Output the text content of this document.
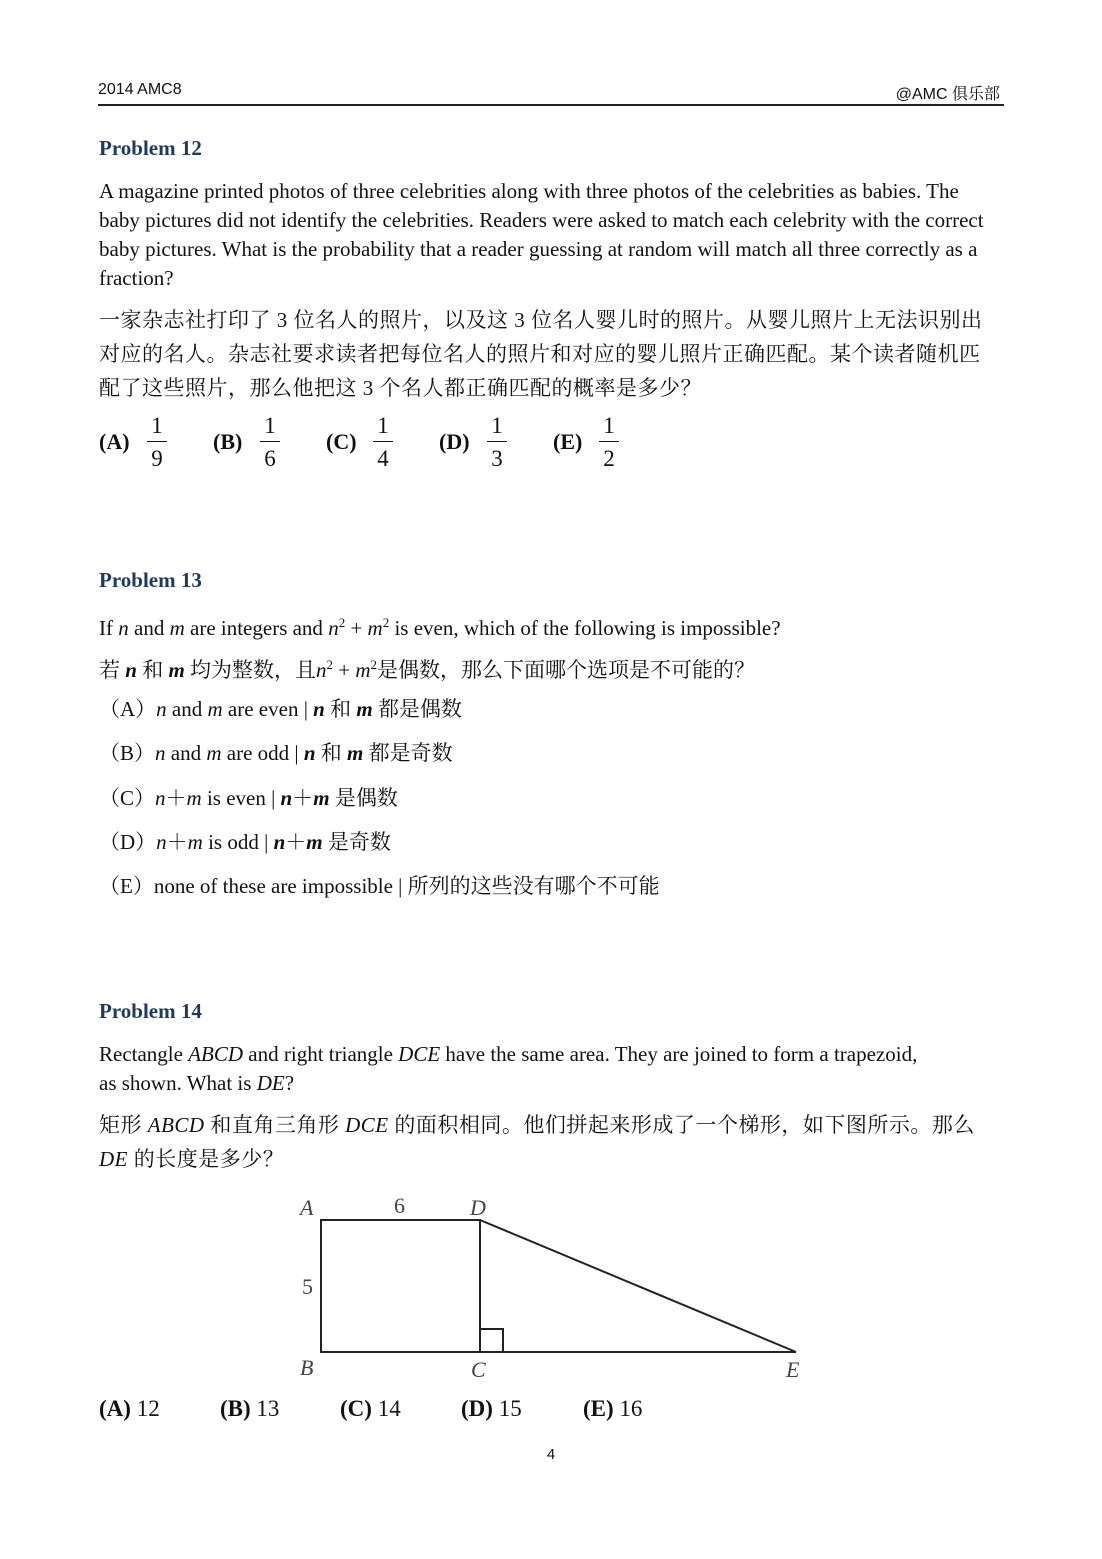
2014 AMC8	@AMC 俱乐部
Problem 12
A magazine printed photos of three celebrities along with three photos of the celebrities as babies. The baby pictures did not identify the celebrities. Readers were asked to match each celebrity with the correct baby pictures. What is the probability that a reader guessing at random will match all three correctly as a fraction?
一家杂志社打印了 3 位名人的照片，以及这 3 位名人婴儿时的照片。从婴儿照片上无法识别出对应的名人。杂志社要求读者把每位名人的照片和对应的婴儿照片正确匹配。某个读者随机匹配了这些照片，那么他把这 3 个名人都正确匹配的概率是多少？
(A)
1
9
(B)
1
6
(C)
1
4
(D)
1
3
(E)
1
2
Problem 13
If n and m are integers and $n^2 + m^2$ is even, which of the following is impossible?
若 n 和 m 均为整数，且$n^2 + m^2$是偶数，那么下面哪个选项是不可能的？
（A）n and m are even | n 和 m 都是偶数
（B）n and m are odd | n 和 m 都是奇数
（C）n＋m is even | n＋m 是偶数
（D）n＋m is odd | n＋m 是奇数
（E）none of these are impossible | 所列的这些没有哪个不可能
Problem 14
Rectangle ABCD and right triangle DCE have the same area. They are joined to form a trapezoid, as shown. What is DE?
矩形 ABCD 和直角三角形 DCE 的面积相同。他们拼起来形成了一个梯形，如下图所示。那么 DE 的长度是多少？
A	6	D
5
B	C	E
(A) 12	(B) 13	(C) 14	(D) 15	(E) 16
4
